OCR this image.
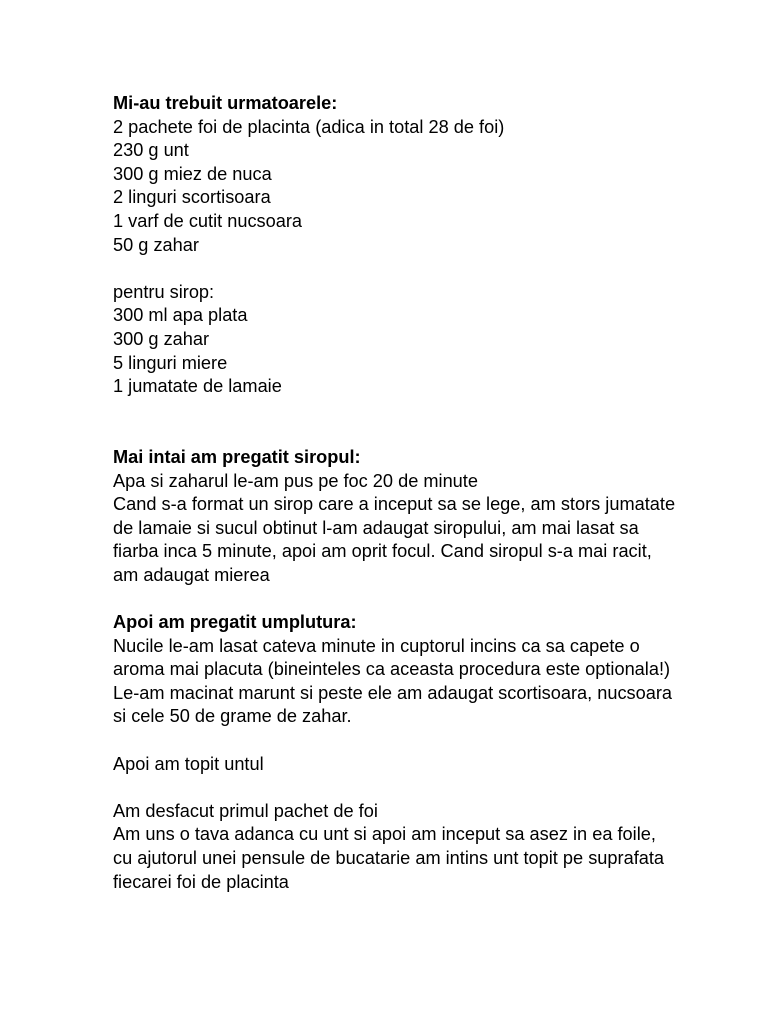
Mi-au trebuit urmatoarele:
2 pachete foi de placinta (adica in total 28 de foi)
230 g unt
300 g miez de nuca
2 linguri scortisoara
1 varf de cutit nucsoara
50 g zahar
pentru sirop:
300 ml apa plata
300 g zahar
5 linguri miere
1 jumatate de lamaie
Mai intai am pregatit siropul:
Apa si zaharul le-am pus pe foc 20 de minute
Cand s-a format un sirop care a inceput sa se lege, am stors jumatate
de lamaie si sucul obtinut l-am adaugat siropului, am mai lasat sa
fiarba inca 5 minute, apoi am oprit focul. Cand siropul s-a mai racit,
am adaugat mierea
Apoi am pregatit umplutura:
Nucile le-am lasat cateva minute in cuptorul incins ca sa capete o
aroma mai placuta (bineinteles ca aceasta procedura este optionala!)
Le-am macinat marunt si peste ele am adaugat scortisoara, nucsoara
si cele 50 de grame de zahar.
Apoi am topit untul
Am desfacut primul pachet de foi
Am uns o tava adanca cu unt si apoi am inceput sa asez in ea foile,
cu ajutorul unei pensule de bucatarie am intins unt topit pe suprafata
fiecarei foi de placinta
